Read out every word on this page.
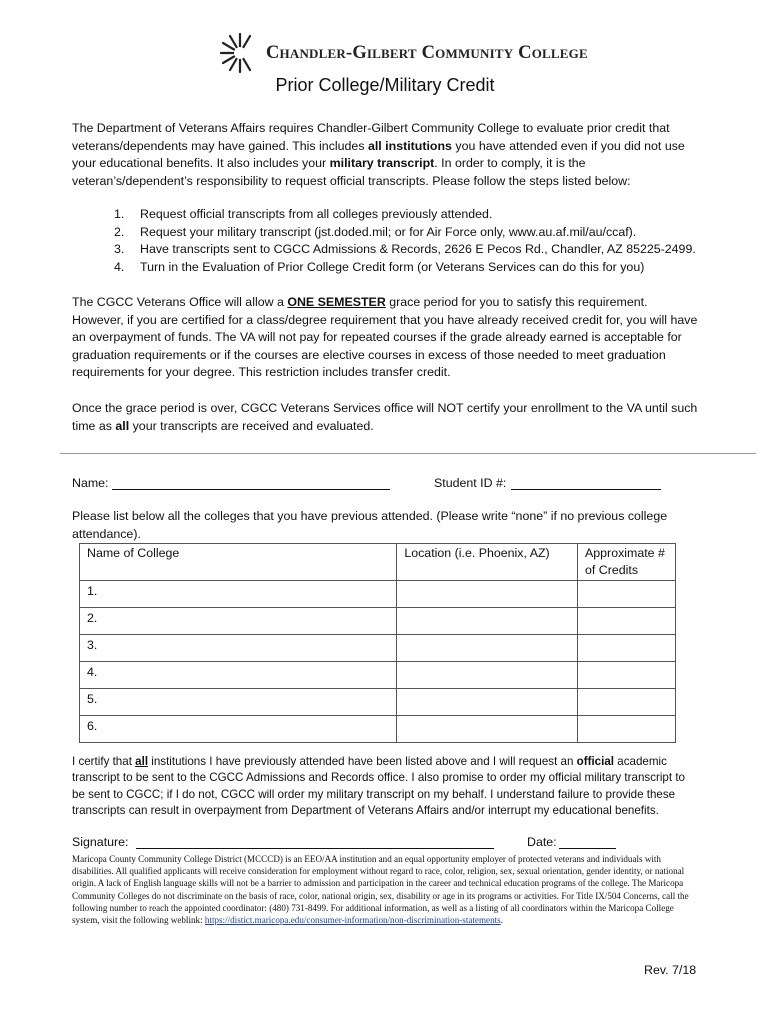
Chandler-Gilbert Community College
Prior College/Military Credit
The Department of Veterans Affairs requires Chandler-Gilbert Community College to evaluate prior credit that veterans/dependents may have gained. This includes all institutions you have attended even if you did not use your educational benefits. It also includes your military transcript. In order to comply, it is the veteran’s/dependent’s responsibility to request official transcripts. Please follow the steps listed below:
1. Request official transcripts from all colleges previously attended.
2. Request your military transcript (jst.doded.mil; or for Air Force only, www.au.af.mil/au/ccaf).
3. Have transcripts sent to CGCC Admissions & Records, 2626 E Pecos Rd., Chandler, AZ 85225-2499.
4. Turn in the Evaluation of Prior College Credit form (or Veterans Services can do this for you)
The CGCC Veterans Office will allow a ONE SEMESTER grace period for you to satisfy this requirement. However, if you are certified for a class/degree requirement that you have already received credit for, you will have an overpayment of funds. The VA will not pay for repeated courses if the grade already earned is acceptable for graduation requirements or if the courses are elective courses in excess of those needed to meet graduation requirements for your degree. This restriction includes transfer credit.
Once the grace period is over, CGCC Veterans Services office will NOT certify your enrollment to the VA until such time as all your transcripts are received and evaluated.
Name:	Student ID #:
Please list below all the colleges that you have previous attended. (Please write “none” if no previous college attendance).
Name of College	Location (i.e. Phoenix, AZ)	Approximate # of Credits
1.		
2.		
3.		
4.		
5.		
6.		
I certify that all institutions I have previously attended have been listed above and I will request an official academic transcript to be sent to the CGCC Admissions and Records office. I also promise to order my official military transcript to be sent to CGCC; if I do not, CGCC will order my military transcript on my behalf. I understand failure to provide these transcripts can result in overpayment from Department of Veterans Affairs and/or interrupt my educational benefits.
Signature:	Date:
Maricopa County Community College District (MCCCD) is an EEO/AA institution and an equal opportunity employer of protected veterans and individuals with disabilities. All qualified applicants will receive consideration for employment without regard to race, color, religion, sex, sexual orientation, gender identity, or national origin. A lack of English language skills will not be a barrier to admission and participation in the career and technical education programs of the college. The Maricopa Community Colleges do not discriminate on the basis of race, color, national origin, sex, disability or age in its programs or activities. For Title IX/504 Concerns, call the following number to reach the appointed coordinator: (480) 731-8499. For additional information, as well as a listing of all coordinators within the Maricopa College system, visit the following weblink: https://distict.maricopa.edu/consumer-information/non-discrimination-statements.
Rev. 7/18
